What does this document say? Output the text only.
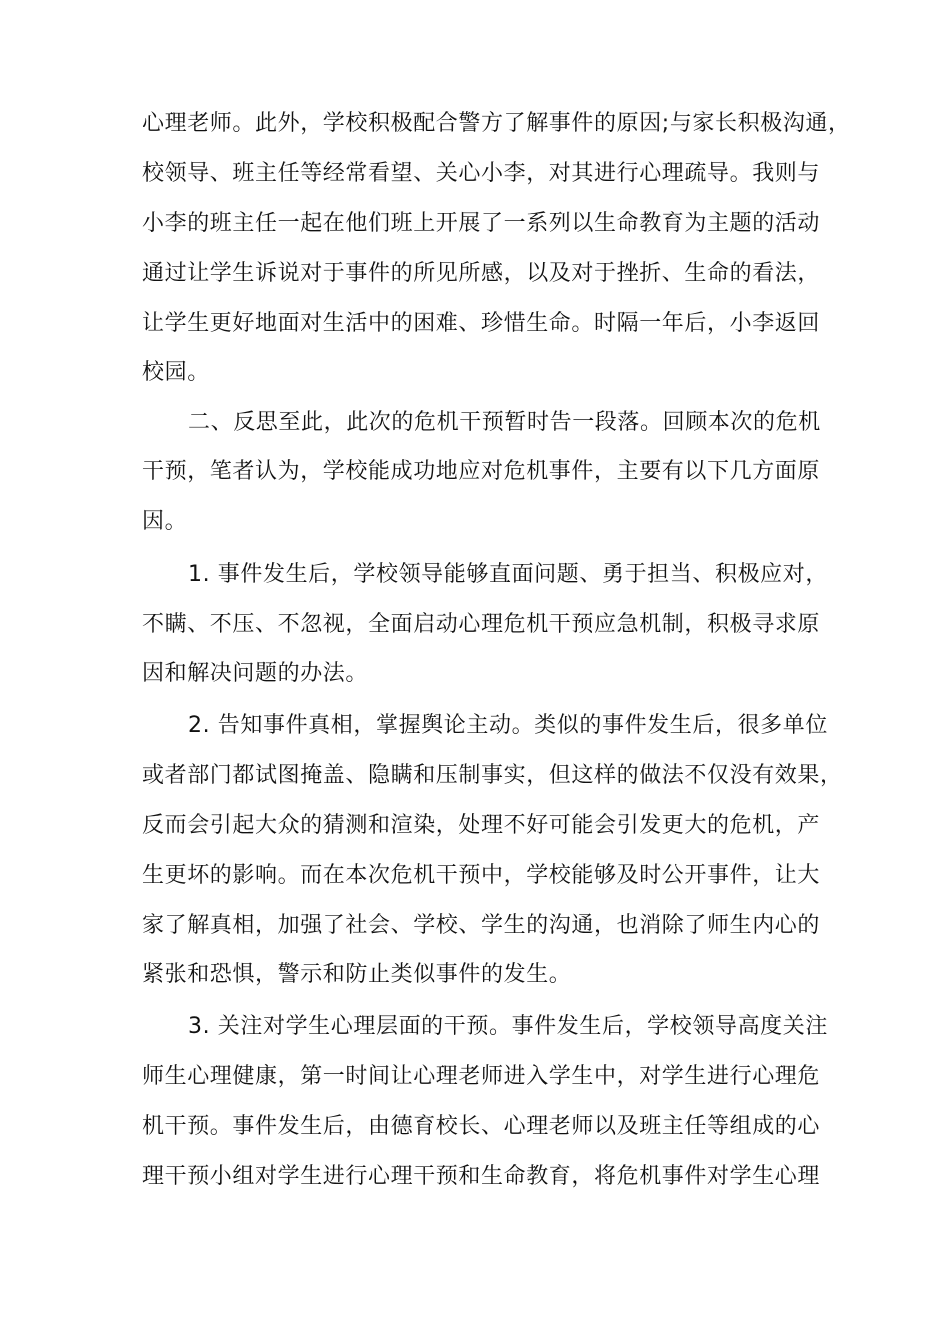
心理老师。此外，学校积极配合警方了解事件的原因;与家长积极沟通，
校领导、班主任等经常看望、关心小李，对其进行心理疏导。我则与
小李的班主任一起在他们班上开展了一系列以生命教育为主题的活动
通过让学生诉说对于事件的所见所感，以及对于挫折、生命的看法，
让学生更好地面对生活中的困难、珍惜生命。时隔一年后，小李返回
校园。
二、反思至此，此次的危机干预暂时告一段落。回顾本次的危机
干预，笔者认为，学校能成功地应对危机事件，主要有以下几方面原
因。
1. 事件发生后，学校领导能够直面问题、勇于担当、积极应对，
不瞒、不压、不忽视，全面启动心理危机干预应急机制，积极寻求原
因和解决问题的办法。
2. 告知事件真相，掌握舆论主动。类似的事件发生后，很多单位
或者部门都试图掩盖、隐瞒和压制事实，但这样的做法不仅没有效果，
反而会引起大众的猜测和渲染，处理不好可能会引发更大的危机，产
生更坏的影响。而在本次危机干预中，学校能够及时公开事件，让大
家了解真相，加强了社会、学校、学生的沟通，也消除了师生内心的
紧张和恐惧，警示和防止类似事件的发生。
3. 关注对学生心理层面的干预。事件发生后，学校领导高度关注
师生心理健康，第一时间让心理老师进入学生中，对学生进行心理危
机干预。事件发生后，由德育校长、心理老师以及班主任等组成的心
理干预小组对学生进行心理干预和生命教育，将危机事件对学生心理
